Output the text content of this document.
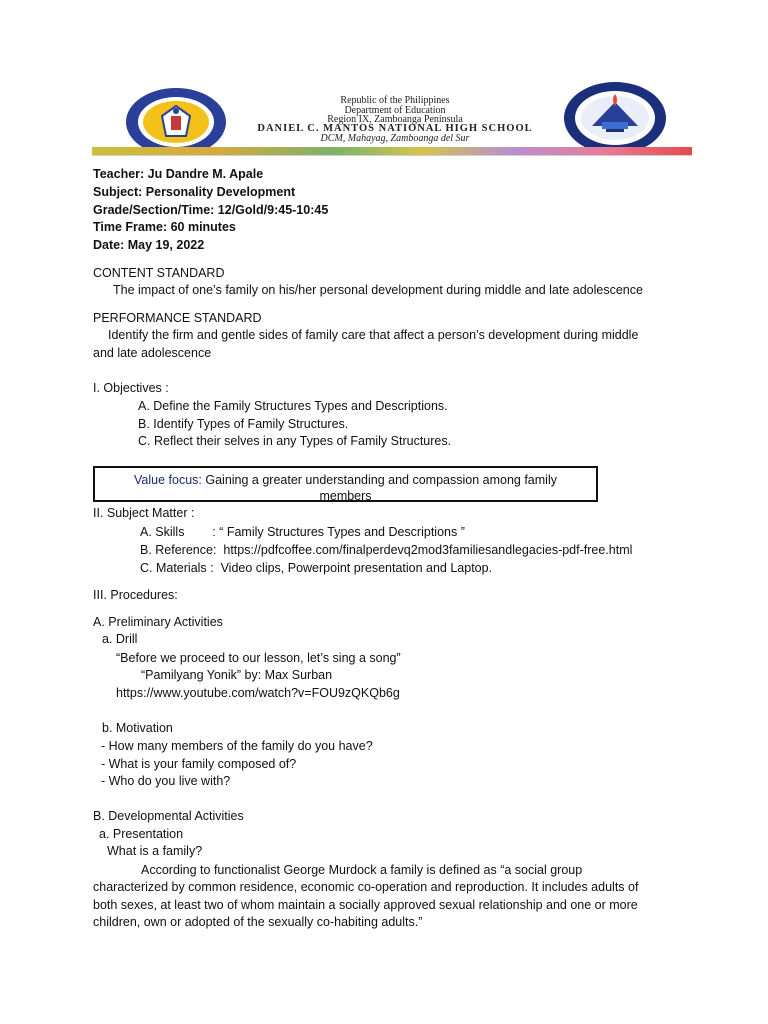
Republic of the Philippines
Department of Education
Region IX, Zamboanga Peninsula
DANIEL C. MANTOS NATIONAL HIGH SCHOOL
DCM, Mahayag, Zamboanga del Sur
Teacher: Ju Dandre M. Apale
Subject: Personality Development
Grade/Section/Time: 12/Gold/9:45-10:45
Time Frame: 60 minutes
Date: May 19, 2022
CONTENT STANDARD
The impact of one’s family on his/her personal development during middle and late adolescence
PERFORMANCE STANDARD
Identify the firm and gentle sides of family care that affect a person’s development during middle
and late adolescence
I. Objectives :
A. Define the Family Structures Types and Descriptions.
B. Identify Types of Family Structures.
C. Reflect their selves in any Types of Family Structures.
Value focus: Gaining a greater understanding and compassion among family
members
II. Subject Matter :
A. Skills        : “ Family Structures Types and Descriptions ”
B. Reference:  https://pdfcoffee.com/finalperdevq2mod3familiesandlegacies-pdf-free.html
C. Materials :  Video clips, Powerpoint presentation and Laptop.
III. Procedures:
A. Preliminary Activities
a. Drill
“Before we proceed to our lesson, let’s sing a song”
“Pamilyang Yonik” by: Max Surban
https://www.youtube.com/watch?v=FOU9zQKQb6g
b. Motivation
- How many members of the family do you have?
- What is your family composed of?
- Who do you live with?
B. Developmental Activities
a. Presentation
What is a family?
According to functionalist George Murdock a family is defined as “a social group
characterized by common residence, economic co-operation and reproduction. It includes adults of
both sexes, at least two of whom maintain a socially approved sexual relationship and one or more
children, own or adopted of the sexually co-habiting adults.”
